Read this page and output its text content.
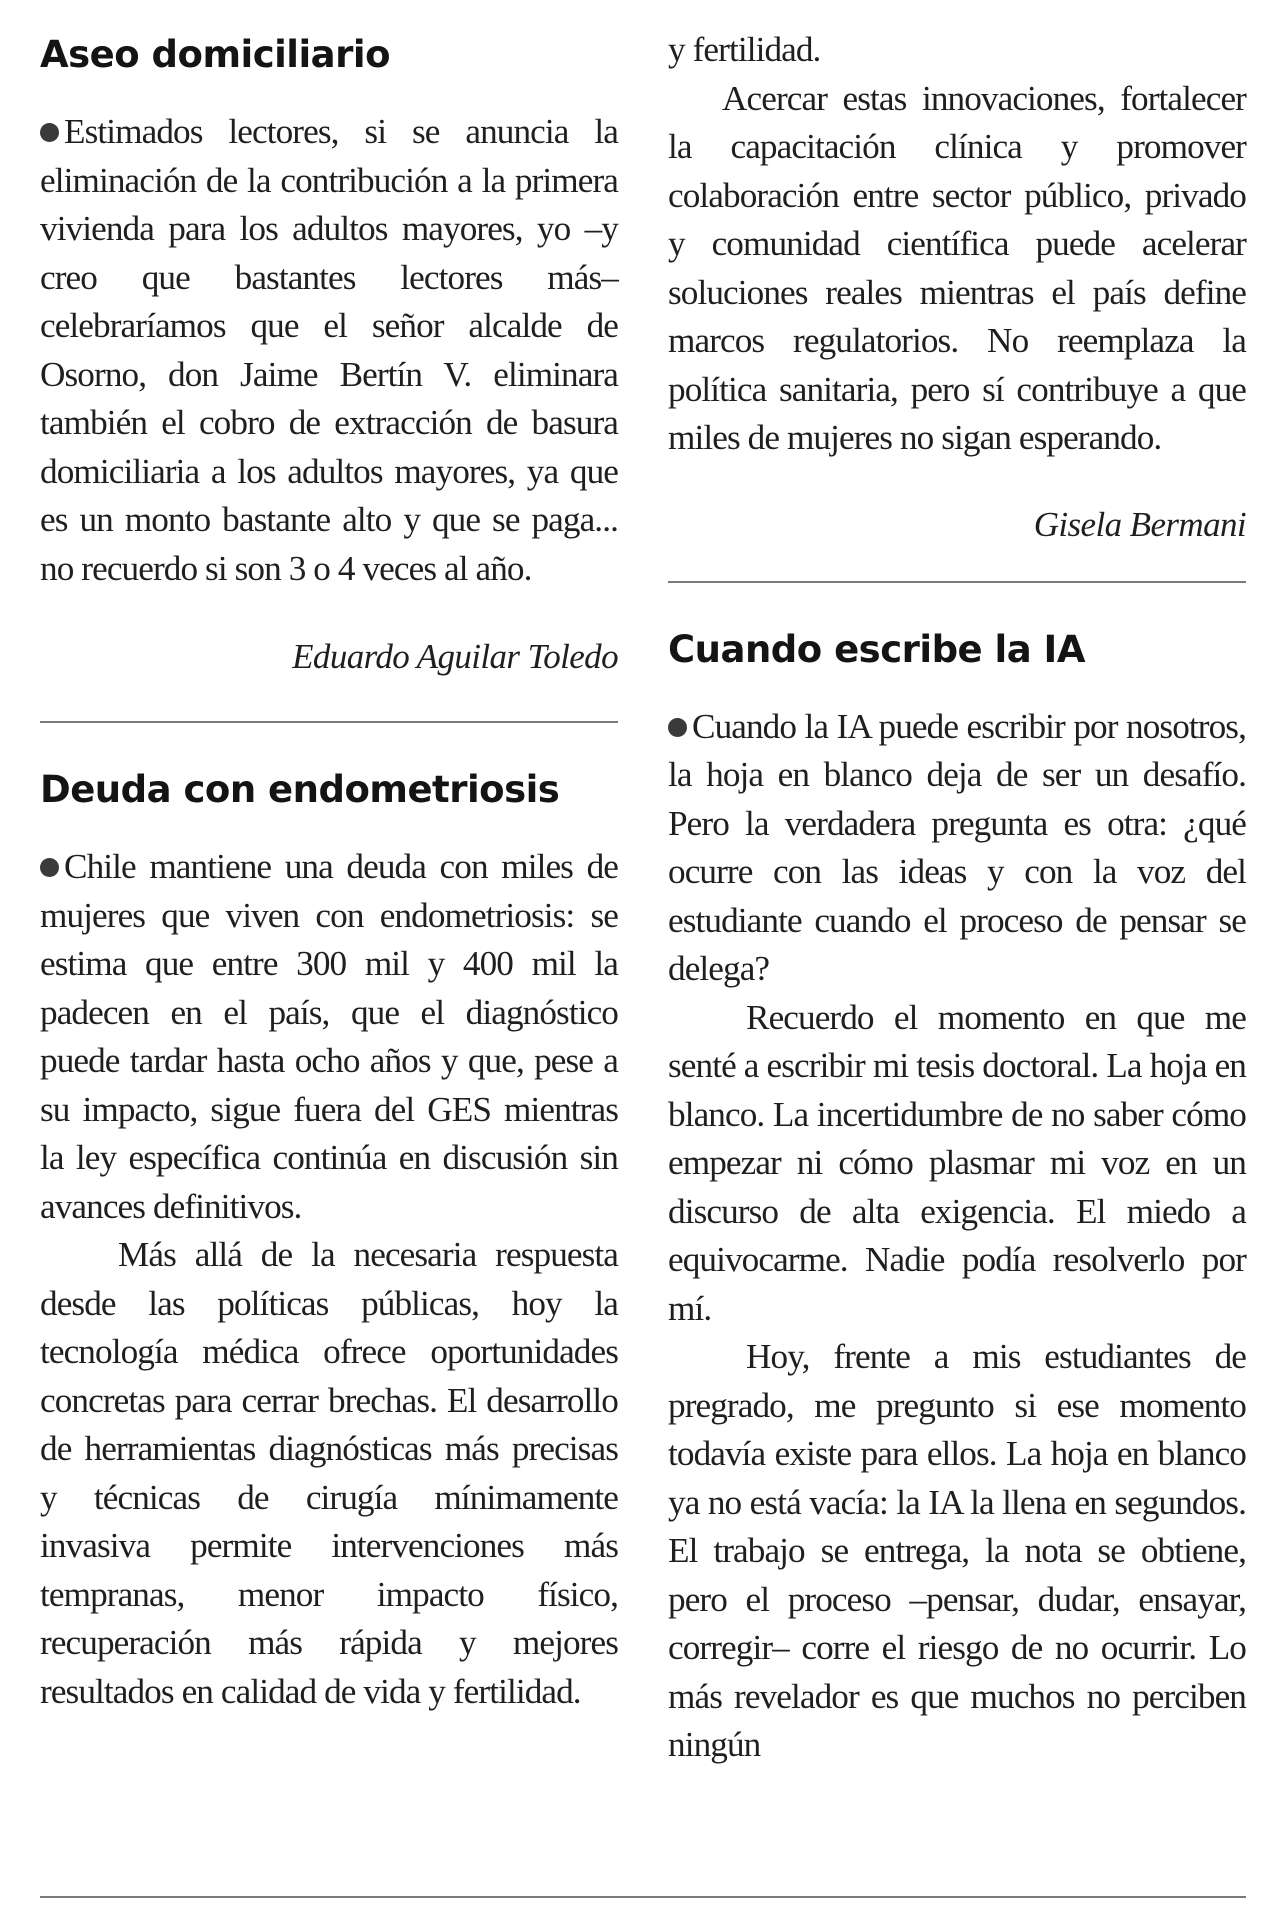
Aseo domiciliario

Estimados lectores, si se anuncia la eliminación de la contribución a la primera vivienda para los adultos mayores, yo –y creo que bastantes lectores más– celebraríamos que el señor alcalde de Osorno, don Jaime Bertín V. eliminara también el cobro de extracción de basura domiciliaria a los adultos mayores, ya que es un monto bastante alto y que se paga... no recuerdo si son 3 o 4 veces al año.

Eduardo Aguilar Toledo

Deuda con endometriosis

Chile mantiene una deuda con miles de mujeres que viven con endometriosis: se estima que entre 300 mil y 400 mil la padecen en el país, que el diagnóstico puede tardar hasta ocho años y que, pese a su impacto, sigue fuera del GES mientras la ley específica continúa en discusión sin avances definitivos.

Más allá de la necesaria respuesta desde las políticas públicas, hoy la tecnología médica ofrece oportunidades concretas para cerrar brechas. El desarrollo de herramientas diagnósticas más precisas y técnicas de cirugía mínimamente invasiva permite intervenciones más tempranas, menor impacto físico, recuperación más rápida y mejores resultados en calidad de vida y fertilidad.

y fertilidad.

Acercar estas innovaciones, fortalecer la capacitación clínica y promover colaboración entre sector público, privado y comunidad científica puede acelerar soluciones reales mientras el país define marcos regulatorios. No reemplaza la política sanitaria, pero sí contribuye a que miles de mujeres no sigan esperando.

Gisela Bermani

Cuando escribe la IA

Cuando la IA puede escribir por nosotros, la hoja en blanco deja de ser un desafío. Pero la verdadera pregunta es otra: ¿qué ocurre con las ideas y con la voz del estudiante cuando el proceso de pensar se delega?

Recuerdo el momento en que me senté a escribir mi tesis doctoral. La hoja en blanco. La incertidumbre de no saber cómo empezar ni cómo plasmar mi voz en un discurso de alta exigencia. El miedo a equivocarme. Nadie podía resolverlo por mí.

Hoy, frente a mis estudiantes de pregrado, me pregunto si ese momento todavía existe para ellos. La hoja en blanco ya no está vacía: la IA la llena en segundos. El trabajo se entrega, la nota se obtiene, pero el proceso –pensar, dudar, ensayar, corregir– corre el riesgo de no ocurrir. Lo más revelador es que muchos no perciben ningún
